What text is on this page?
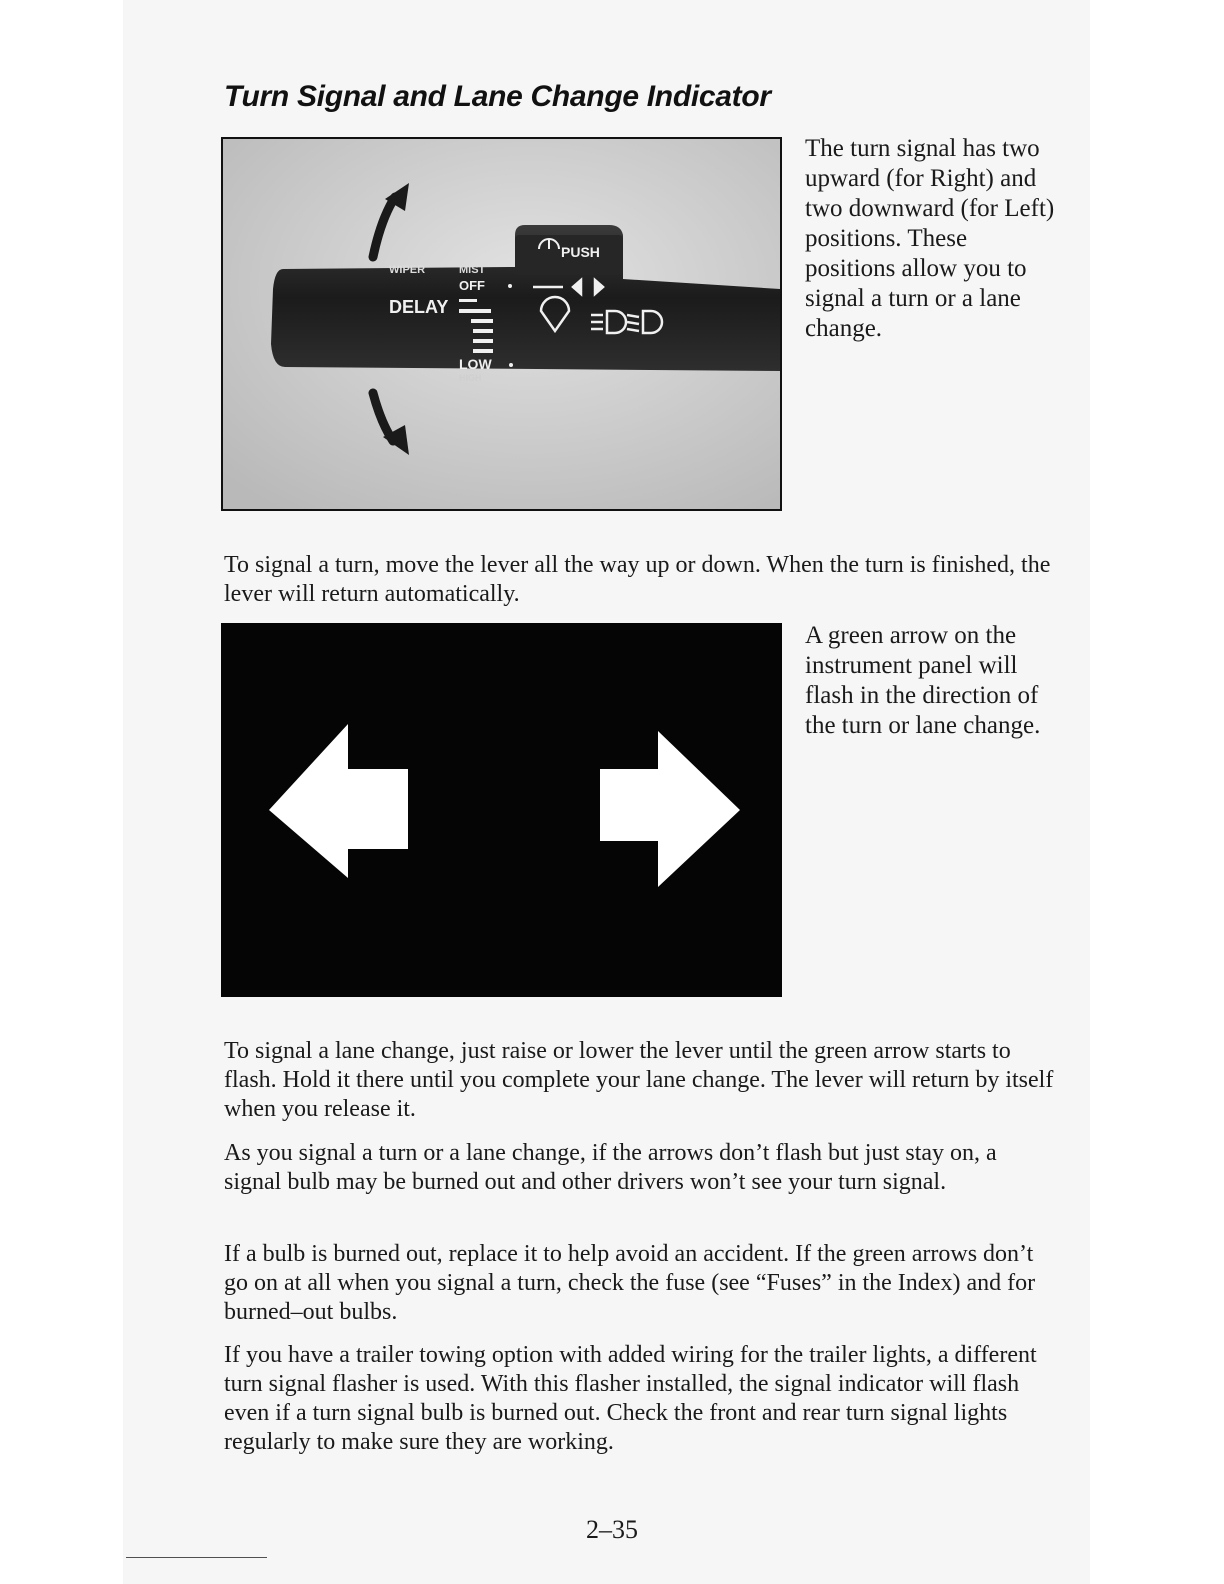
Turn Signal and Lane Change Indicator
WIPER	MIST
OFF
DELAY
LOW
HIGH
PUSH

The turn signal has two upward (for Right) and two downward (for Left) positions. These positions allow you to signal a turn or a lane change.

To signal a turn, move the lever all the way up or down. When the turn is finished, the lever will return automatically.

A green arrow on the instrument panel will flash in the direction of the turn or lane change.

To signal a lane change, just raise or lower the lever until the green arrow starts to flash. Hold it there until you complete your lane change. The lever will return by itself when you release it.

As you signal a turn or a lane change, if the arrows don’t flash but just stay on, a signal bulb may be burned out and other drivers won’t see your turn signal.

If a bulb is burned out, replace it to help avoid an accident. If the green arrows don’t go on at all when you signal a turn, check the fuse (see “Fuses” in the Index) and for burned–out bulbs.

If you have a trailer towing option with added wiring for the trailer lights, a different turn signal flasher is used. With this flasher installed, the signal indicator will flash even if a turn signal bulb is burned out. Check the front and rear turn signal lights regularly to make sure they are working.

2–35
